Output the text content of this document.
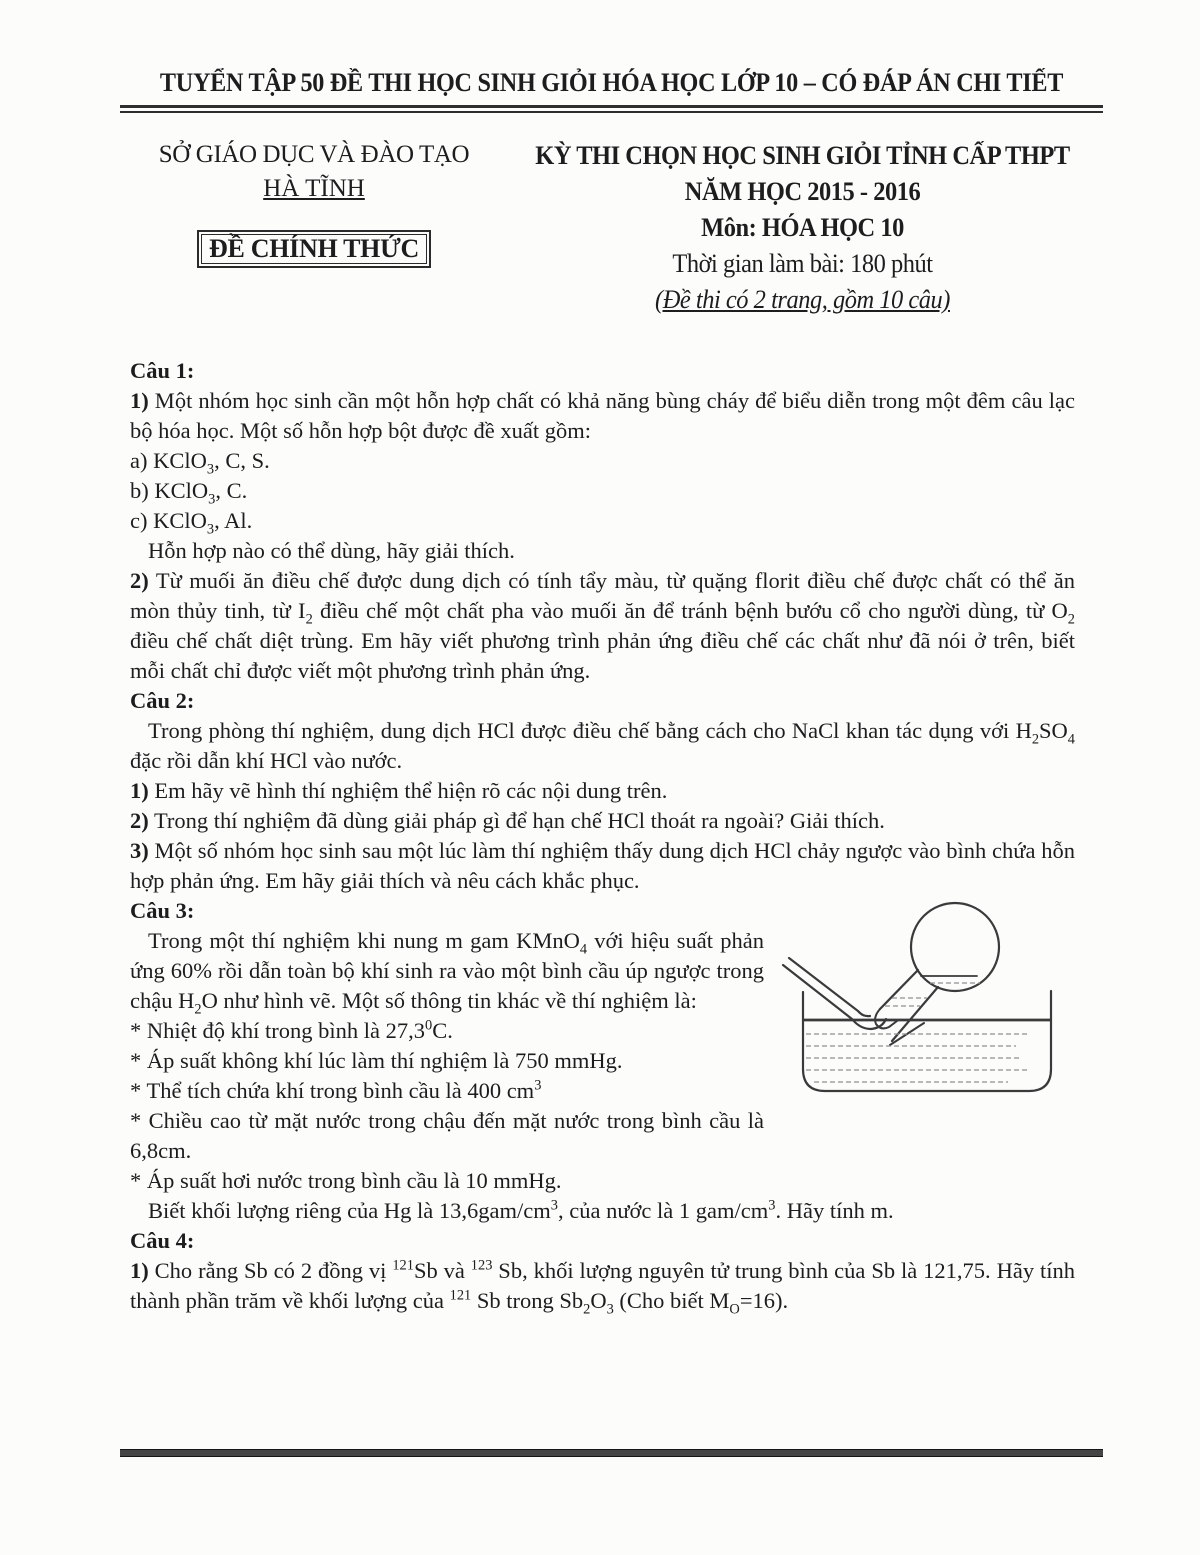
TUYỂN TẬP 50 ĐỀ THI HỌC SINH GIỎI HÓA HỌC LỚP 10 – CÓ ĐÁP ÁN CHI TIẾT
SỞ GIÁO DỤC VÀ ĐÀO TẠO
HÀ TĨNH
ĐỀ CHÍNH THỨC
KỲ THI CHỌN HỌC SINH GIỎI TỈNH CẤP THPT
NĂM HỌC 2015 - 2016
Môn: HÓA HỌC 10
Thời gian làm bài: 180 phút
(Đề thi có 2 trang, gồm 10 câu)
Câu 1:
1) Một nhóm học sinh cần một hỗn hợp chất có khả năng bùng cháy để biểu diễn trong một đêm câu lạc bộ hóa học. Một số hỗn hợp bột được đề xuất gồm:
a) KClO$_3$, C, S.
b) KClO$_3$, C.
c) KClO$_3$, Al.
Hỗn hợp nào có thể dùng, hãy giải thích.
2) Từ muối ăn điều chế được dung dịch có tính tẩy màu, từ quặng florit điều chế được chất có thể ăn mòn thủy tinh, từ $I_2$ điều chế một chất pha vào muối ăn để tránh bệnh bướu cổ cho người dùng, từ $O_2$ điều chế chất diệt trùng. Em hãy viết phương trình phản ứng điều chế các chất như đã nói ở trên, biết mỗi chất chỉ được viết một phương trình phản ứng.
Câu 2:
Trong phòng thí nghiệm, dung dịch HCl được điều chế bằng cách cho NaCl khan tác dụng với $H_2SO_4$ đặc rồi dẫn khí HCl vào nước.
1) Em hãy vẽ hình thí nghiệm thể hiện rõ các nội dung trên.
2) Trong thí nghiệm đã dùng giải pháp gì để hạn chế HCl thoát ra ngoài? Giải thích.
3) Một số nhóm học sinh sau một lúc làm thí nghiệm thấy dung dịch HCl chảy ngược vào bình chứa hỗn hợp phản ứng. Em hãy giải thích và nêu cách khắc phục.
Câu 3:
Trong một thí nghiệm khi nung m gam KMnO$_4$ với hiệu suất phản ứng 60% rồi dẫn toàn bộ khí sinh ra vào một bình cầu úp ngược trong chậu $H_2O$ như hình vẽ. Một số thông tin khác về thí nghiệm là:
* Nhiệt độ khí trong bình là 27,3$^0$C.
* Áp suất không khí lúc làm thí nghiệm là 750 mmHg.
* Thể tích chứa khí trong bình cầu là 400 $cm^3$
* Chiều cao từ mặt nước trong chậu đến mặt nước trong bình cầu là 6,8cm.
* Áp suất hơi nước trong bình cầu là 10 mmHg.
Biết khối lượng riêng của Hg là $13,6gam/cm^3$, của nước là 1 gam/$cm^3$. Hãy tính m.
Câu 4:
1) Cho rằng Sb có 2 đồng vị $^{121}$Sb và $^{123}$ Sb, khối lượng nguyên tử trung bình của Sb là 121,75. Hãy tính thành phần trăm về khối lượng của $^{121}$ Sb trong $Sb_2O_3$ (Cho biết $M_O=16$).
